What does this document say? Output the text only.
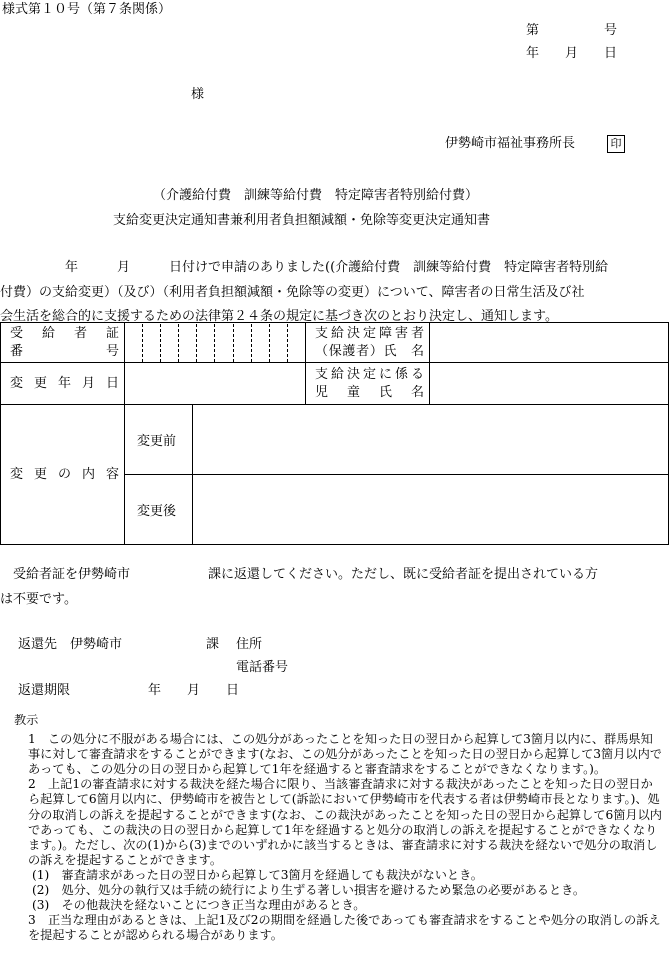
様式第１０号（第７条関係）
第　　　　　号
年　　月　　日
様
伊勢崎市福祉事務所長	印
（介護給付費　訓練等給付費　特定障害者特別給付費）
支給変更決定通知書兼利用者負担額減額・免除等変更決定通知書
　　　　　年　　　月　　　日付けで申請のありました((介護給付費　訓練等給付費　特定障害者特別給
付費）の支給変更）（及び）（利用者負担額減額・免除等の変更）について、障害者の日常生活及び社
会生活を総合的に支援するための法律第２４条の規定に基づき次のとおり決定し、通知します。
受　給　者　証
番　　　　　号			支給決定障害者
（保護者）氏　名	

変 更 年 月 日			支給決定に係る
児　童　氏　名	

変 更 の 内 容	変更前			
	変更後			
　受給者証を伊勢崎市　　　　　　課に返還してください。ただし、既に受給者証を提出されている方
は不要です。
返還先　伊勢崎市	課 住所
電話番号
返還期限	年　　月　　日
教示
1　この処分に不服がある場合には、この処分があったことを知った日の翌日から起算して3箇月以内に、群馬県知事に対して審査請求をすることができます(なお、この処分があったことを知った日の翌日から起算して3箇月以内であっても、この処分の日の翌日から起算して1年を経過すると審査請求をすることができなくなります。)。
2　上記1の審査請求に対する裁決を経た場合に限り、当該審査請求に対する裁決があったことを知った日の翌日から起算して6箇月以内に、伊勢崎市を被告として(訴訟において伊勢崎市を代表する者は伊勢崎市長となります。)、処分の取消しの訴えを提起することができます(なお、この裁決があったことを知った日の翌日から起算して6箇月以内であっても、この裁決の日の翌日から起算して1年を経過すると処分の取消しの訴えを提起することができなくなります。)。ただし、次の(1)から(3)までのいずれかに該当するときは、審査請求に対する裁決を経ないで処分の取消しの訴えを提起することができます。
(1)　審査請求があった日の翌日から起算して3箇月を経過しても裁決がないとき。
(2)　処分、処分の執行又は手続の続行により生ずる著しい損害を避けるため緊急の必要があるとき。
(3)　その他裁決を経ないことにつき正当な理由があるとき。
3　正当な理由があるときは、上記1及び2の期間を経過した後であっても審査請求をすることや処分の取消しの訴えを提起することが認められる場合があります。
